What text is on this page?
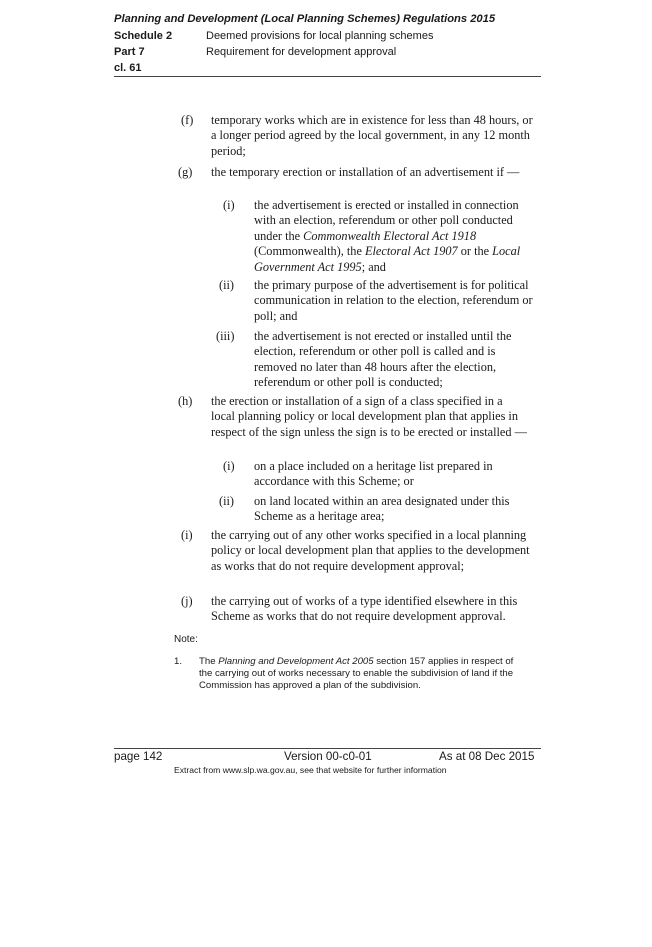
Planning and Development (Local Planning Schemes) Regulations 2015
Schedule 2	Deemed provisions for local planning schemes
Part 7	Requirement for development approval
cl. 61
(f) temporary works which are in existence for less than 48 hours, or a longer period agreed by the local government, in any 12 month period;
(g) the temporary erection or installation of an advertisement if —
(i) the advertisement is erected or installed in connection with an election, referendum or other poll conducted under the Commonwealth Electoral Act 1918 (Commonwealth), the Electoral Act 1907 or the Local Government Act 1995; and
(ii) the primary purpose of the advertisement is for political communication in relation to the election, referendum or poll; and
(iii) the advertisement is not erected or installed until the election, referendum or other poll is called and is removed no later than 48 hours after the election, referendum or other poll is conducted;
(h) the erection or installation of a sign of a class specified in a local planning policy or local development plan that applies in respect of the sign unless the sign is to be erected or installed —
(i) on a place included on a heritage list prepared in accordance with this Scheme; or
(ii) on land located within an area designated under this Scheme as a heritage area;
(i) the carrying out of any other works specified in a local planning policy or local development plan that applies to the development as works that do not require development approval;
(j) the carrying out of works of a type identified elsewhere in this Scheme as works that do not require development approval.
Note:
1. The Planning and Development Act 2005 section 157 applies in respect of the carrying out of works necessary to enable the subdivision of land if the Commission has approved a plan of the subdivision.
page 142	Version 00-c0-01	As at 08 Dec 2015
Extract from www.slp.wa.gov.au, see that website for further information
